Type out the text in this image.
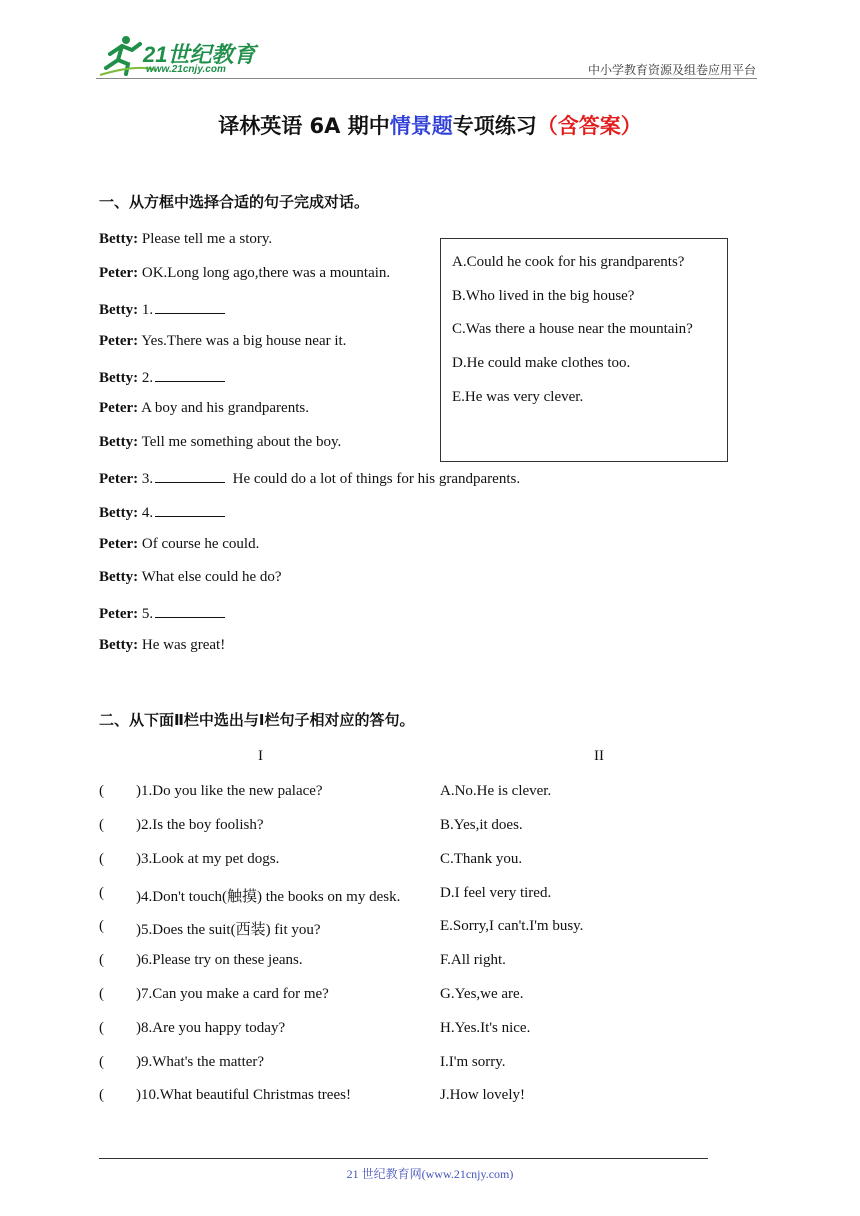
21世纪教育
www.21cnjy.com	中小学教育资源及组卷应用平台
译林英语 6A 期中情景题专项练习（含答案）
一、从方框中选择合适的句子完成对话。
Betty: Please tell me a story.
Peter: OK.Long long ago,there was a mountain.
Betty: 1.
Peter: Yes.There was a big house near it.
Betty: 2.
Peter: A boy and his grandparents.
Betty: Tell me something about the boy.
Peter: 3.	He could do a lot of things for his grandparents.
Betty: 4.
Peter: Of course he could.
Betty: What else could he do?
Peter: 5.
Betty: He was great!
A.Could he cook for his grandparents?
B.Who lived in the big house?
C.Was there a house near the mountain?
D.He could make clothes too.
E.He was very clever.
二、从下面Ⅱ栏中选出与Ⅰ栏句子相对应的答句。
I	II
( )1.Do you like the new palace?	A.No.He is clever.
( )2.Is the boy foolish?	B.Yes,it does.
( )3.Look at my pet dogs.	C.Thank you.
( )4.Don't touch(触摸) the books on my desk.	D.I feel very tired.
( )5.Does the suit(西装) fit you?	E.Sorry,I can't.I'm busy.
( )6.Please try on these jeans.	F.All right.
( )7.Can you make a card for me?	G.Yes,we are.
( )8.Are you happy today?	H.Yes.It's nice.
( )9.What's the matter?	I.I'm sorry.
( )10.What beautiful Christmas trees!	J.How lovely!
21 世纪教育网(www.21cnjy.com)
